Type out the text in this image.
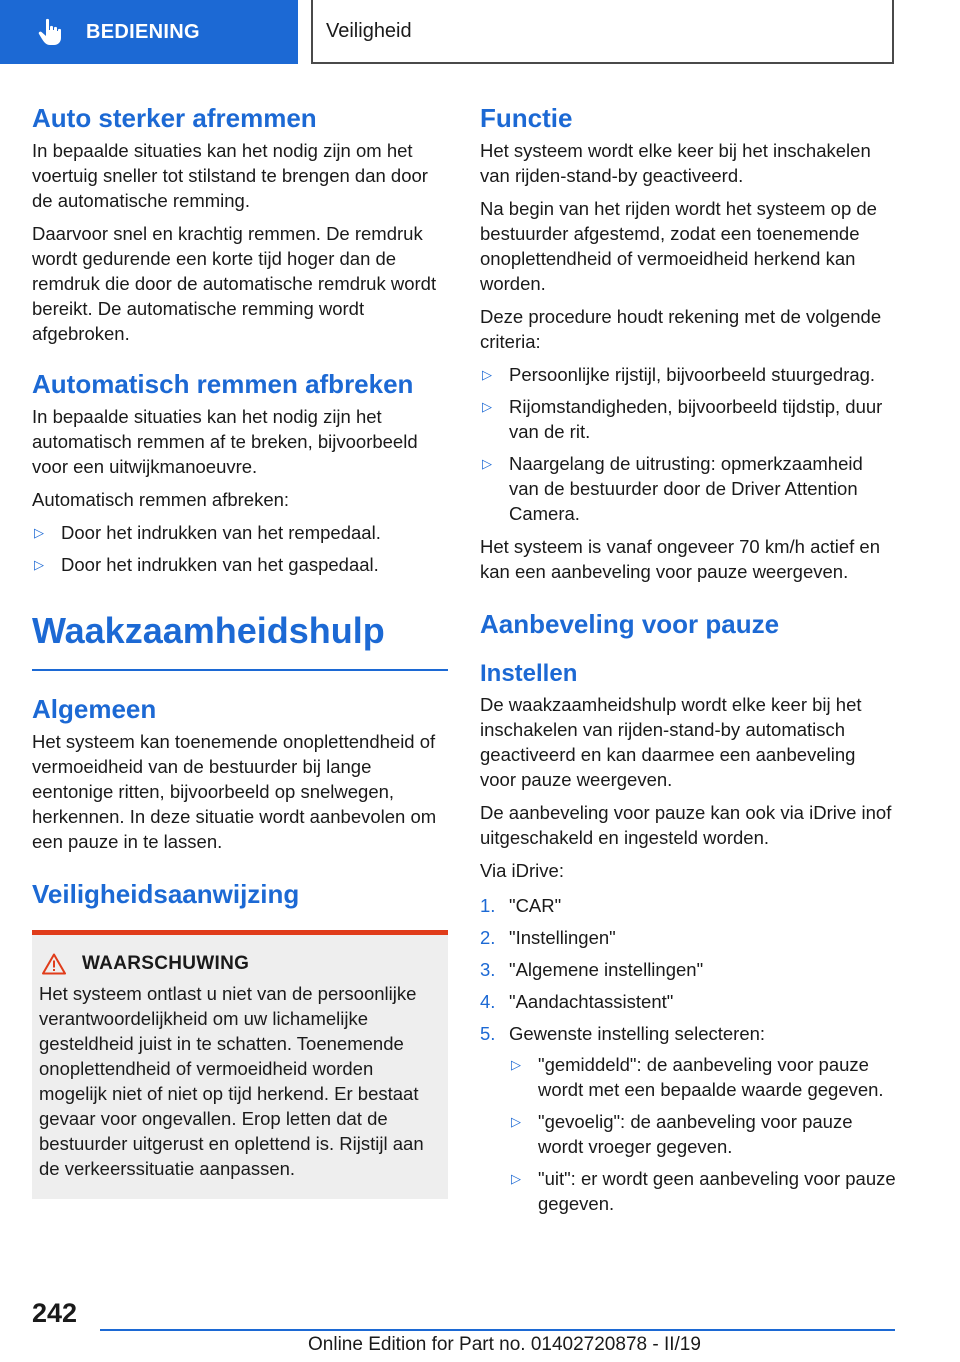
BEDIENING	Veiligheid
Auto sterker afremmen

In bepaalde situaties kan het nodig zijn om het voertuig sneller tot stilstand te brengen dan door de automatische remming.

Daarvoor snel en krachtig remmen. De remdruk wordt gedurende een korte tijd hoger dan de remdruk die door de automatische remdruk wordt bereikt. De automatische remming wordt afgebroken.

Automatisch remmen afbreken

In bepaalde situaties kan het nodig zijn het automatisch remmen af te breken, bijvoorbeeld voor een uitwijkmanoeuvre.

Automatisch remmen afbreken:

▷ Door het indrukken van het rempedaal.
▷ Door het indrukken van het gaspedaal.
Waakzaamheidshulp
Algemeen

Het systeem kan toenemende onoplettendheid of vermoeidheid van de bestuurder bij lange eentonige ritten, bijvoorbeeld op snelwegen, herkennen. In deze situatie wordt aanbevolen om een pauze in te lassen.

Veiligheidsaanwijzing
WAARSCHUWING

Het systeem ontlast u niet van de persoonlijke verantwoordelijkheid om uw lichamelijke gesteldheid juist in te schatten. Toenemende onoplettendheid of vermoeidheid worden mogelijk niet of niet op tijd herkend. Er bestaat gevaar voor ongevallen. Erop letten dat de bestuurder uitgerust en oplettend is. Rijstijl aan de verkeerssituatie aanpassen.

Functie

Het systeem wordt elke keer bij het inschakelen van rijden-stand-by geactiveerd.

Na begin van het rijden wordt het systeem op de bestuurder afgestemd, zodat een toenemende onoplettendheid of vermoeidheid herkend kan worden.

Deze procedure houdt rekening met de volgende criteria:

▷ Persoonlijke rijstijl, bijvoorbeeld stuurgedrag.
▷ Rijomstandigheden, bijvoorbeeld tijdstip, duur van de rit.
▷ Naargelang de uitrusting: opmerkzaamheid van de bestuurder door de Driver Attention Camera.

Het systeem is vanaf ongeveer 70 km/h actief en kan een aanbeveling voor pauze weergeven.

Aanbeveling voor pauze
Instellen

De waakzaamheidshulp wordt elke keer bij het inschakelen van rijden-stand-by automatisch geactiveerd en kan daarmee een aanbeveling voor pauze weergeven.

De aanbeveling voor pauze kan ook via iDrive inof uitgeschakeld en ingesteld worden.

Via iDrive:

1. "CAR"
2. "Instellingen"
3. "Algemene instellingen"
4. "Aandachtassistent"
5. Gewenste instelling selecteren:
▷ "gemiddeld": de aanbeveling voor pauze wordt met een bepaalde waarde gegeven.
▷ "gevoelig": de aanbeveling voor pauze wordt vroeger gegeven.
▷ "uit": er wordt geen aanbeveling voor pauze gegeven.
242
Online Edition for Part no. 01402720878 - II/19
